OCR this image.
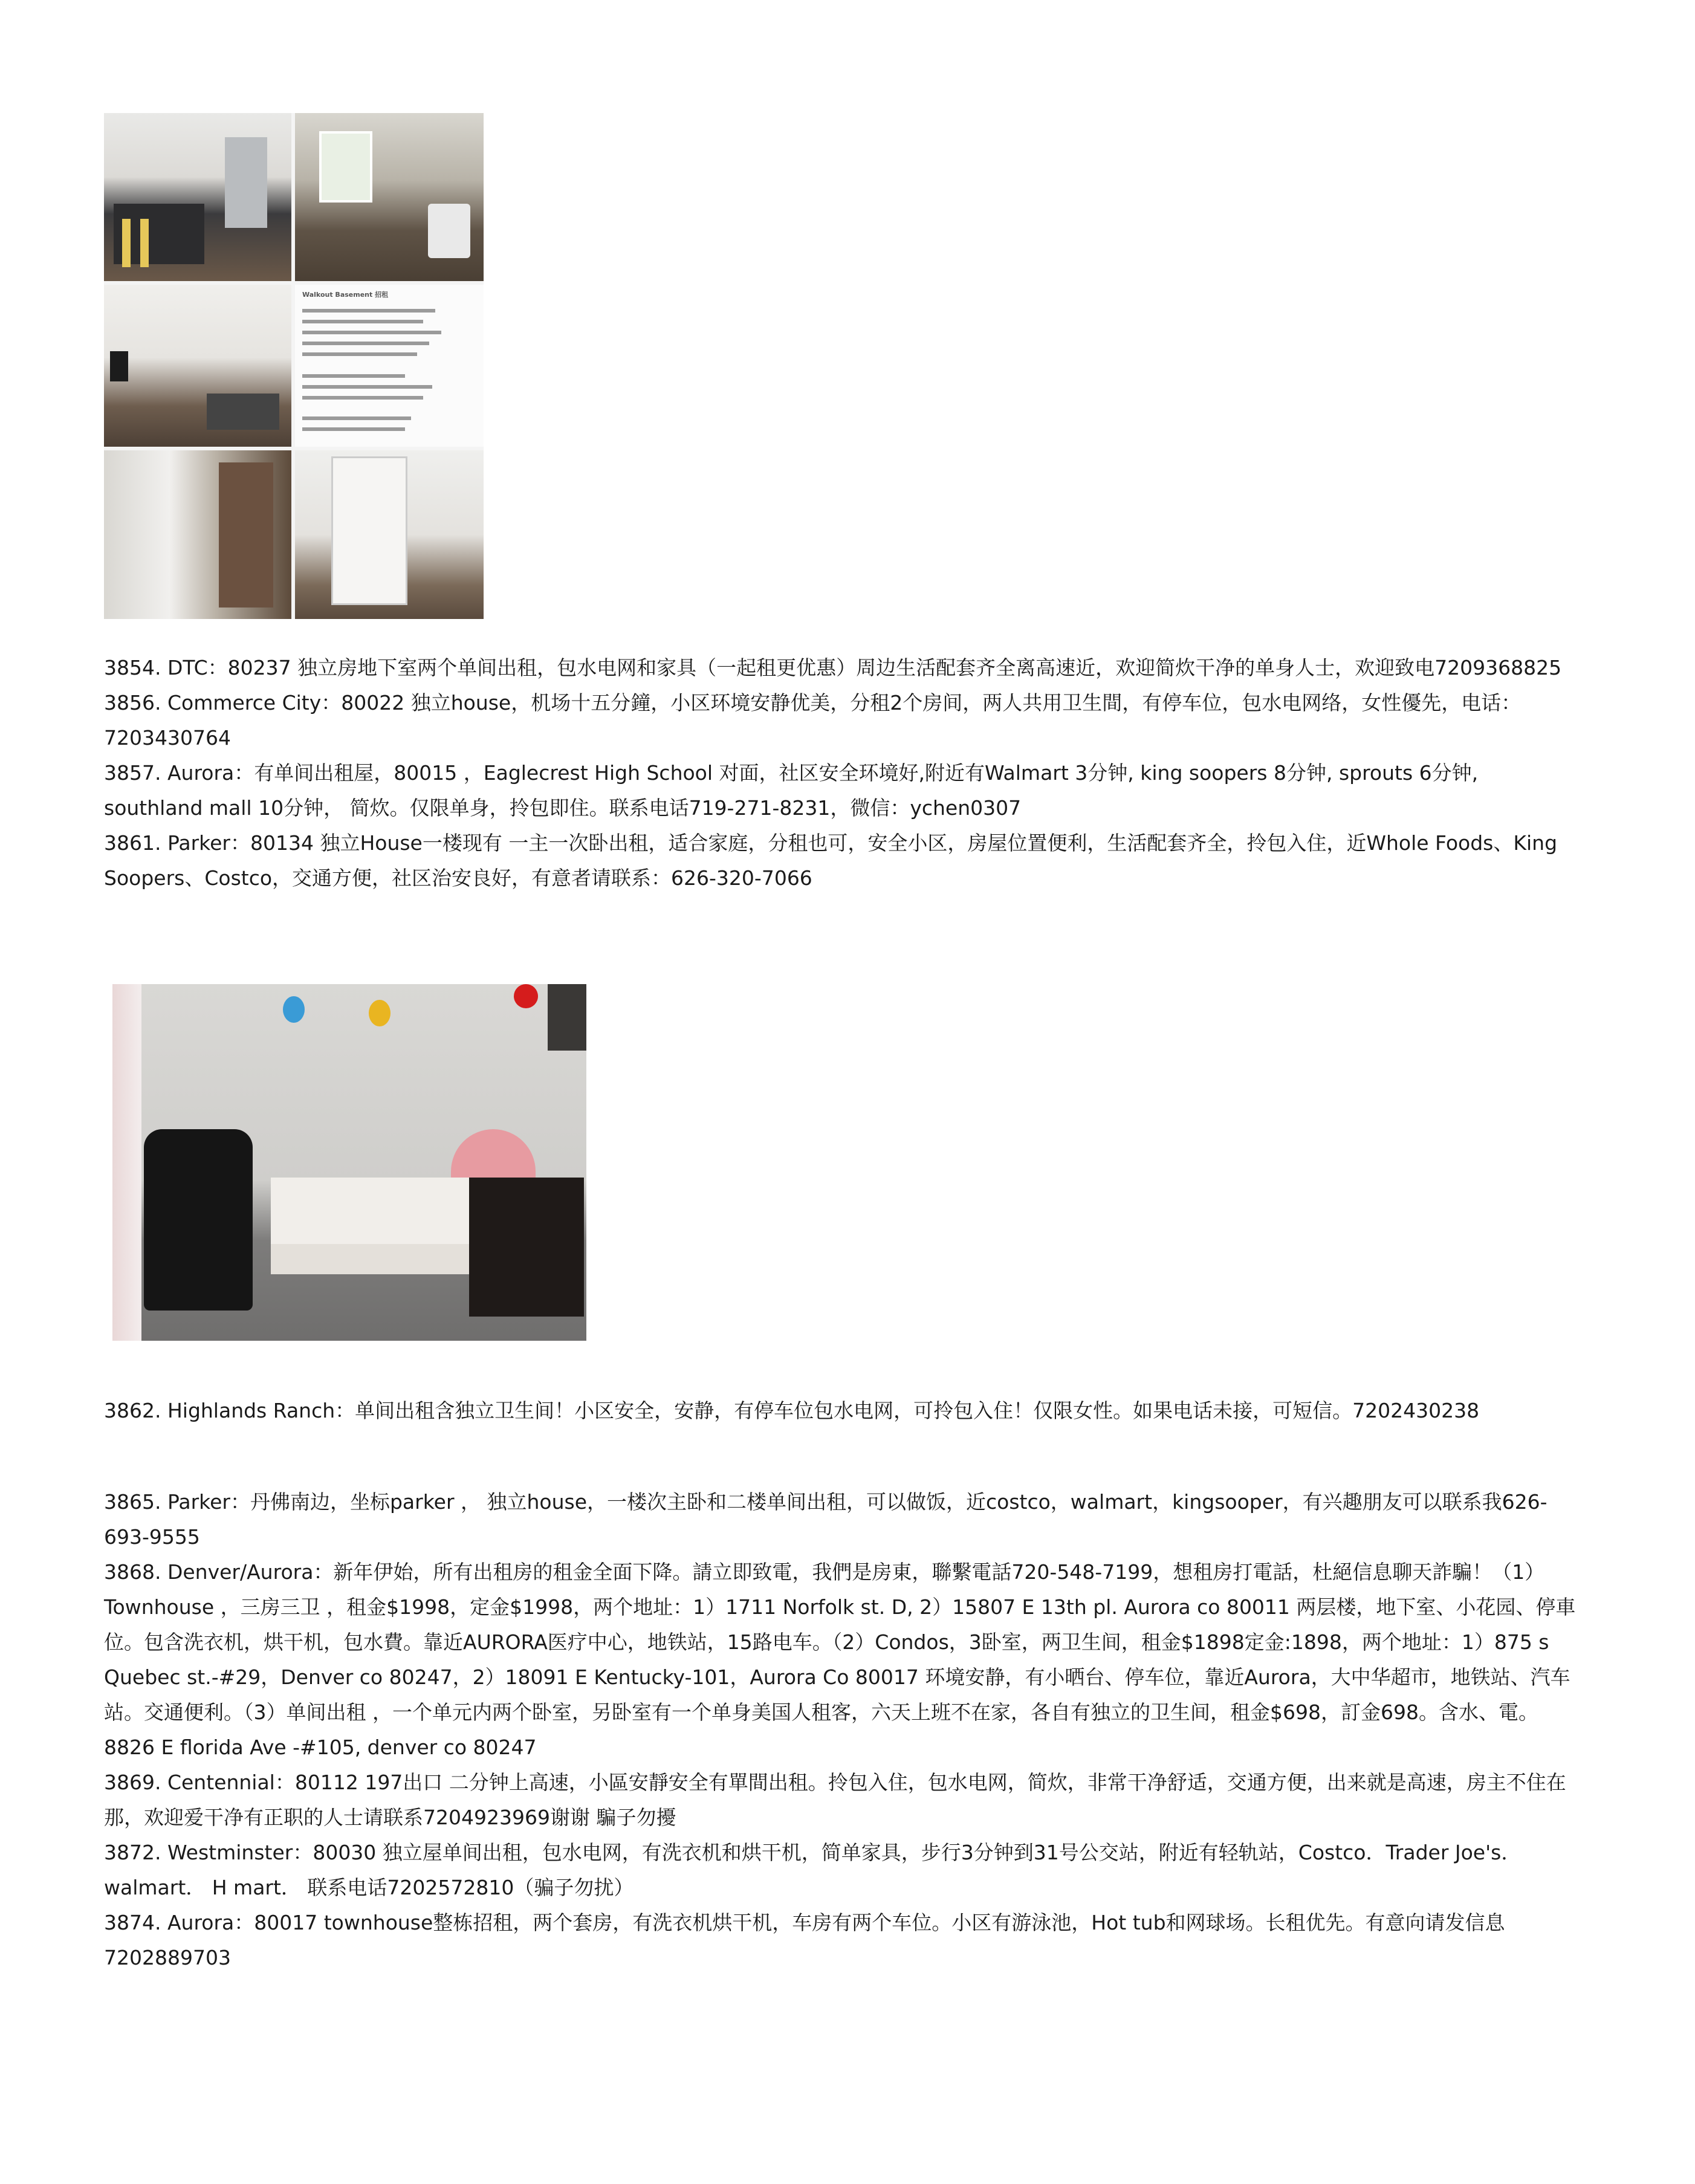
Walkout Basement 招租

3854. DTC：80237 独立房地下室两个单间出租，包水电网和家具（一起租更优惠）周边生活配套齐全离高速近，欢迎简炊干净的单身人士，欢迎致电7209368825

3856. Commerce City：80022 独立house，机场十五分鐘，小区环境安静优美，分租2个房间，两人共用卫生間，有停车位，包水电网络，女性優先，电话：7203430764

3857. Aurora：有单间出租屋，80015 ，Eaglecrest High School 对面，社区安全环境好,附近有Walmart 3分钟, king soopers 8分钟, sprouts 6分钟, southland mall 10分钟， 简炊。仅限单身，拎包即住。联系电话719-271-8231，微信：ychen0307

3861. Parker：80134 独立House一楼现有 一主一次卧出租，适合家庭，分租也可，安全小区，房屋位置便利，生活配套齐全，拎包入住，近Whole Foods、King Soopers、Costco，交通方便，社区治安良好，有意者请联系：626-320-7066

3862. Highlands Ranch：单间出租含独立卫生间！小区安全，安静，有停车位包水电网，可拎包入住！仅限女性。如果电话未接，可短信。7202430238

3865. Parker：丹佛南边，坐标parker ， 独立house，一楼次主卧和二楼单间出租，可以做饭，近costco，walmart，kingsooper，有兴趣朋友可以联系我626-693-9555

3868. Denver/Aurora：新年伊始，所有出租房的租金全面下降。請立即致電，我們是房東，聯繫電話720-548-7199，想租房打電話，杜絕信息聊天詐騙！（1）Townhouse ，三房三卫 ，租金$1998，定金$1998，两个地址：1）1711 Norfolk st. D, 2）15807 E 13th pl. Aurora co 80011 两层楼，地下室、小花园、停車位。包含洗衣机，烘干机，包水費。靠近AURORA医疗中心，地铁站，15路电车。（2）Condos，3卧室，两卫生间，租金$1898定金:1898，两个地址：1）875 s Quebec st.-#29，Denver co 80247，2）18091 E Kentucky-101，Aurora Co 80017 环境安静，有小晒台、停车位，靠近Aurora，大中华超市，地铁站、汽车站。交通便利。（3）单间出租 ，一个单元内两个卧室，另卧室有一个单身美国人租客，六天上班不在家，各自有独立的卫生间，租金$698，訂金698。含水、電。8826 E florida Ave -#105, denver co 80247

3869. Centennial：80112 197出口 二分钟上高速，小區安靜安全有單間出租。拎包入住，包水电网，简炊，非常干净舒适，交通方便，出来就是高速，房主不住在那，欢迎爱干净有正职的人士请联系7204923969谢谢 騙子勿擾

3872. Westminster：80030 独立屋单间出租，包水电网，有洗衣机和烘干机，简单家具，步行3分钟到31号公交站，附近有轻轨站，Costco．Trader Joe's．walmart． H mart． 联系电话7202572810（骗子勿扰）

3874. Aurora：80017 townhouse整栋招租，两个套房，有洗衣机烘干机，车房有两个车位。小区有游泳池，Hot tub和网球场。长租优先。有意向请发信息7202889703
